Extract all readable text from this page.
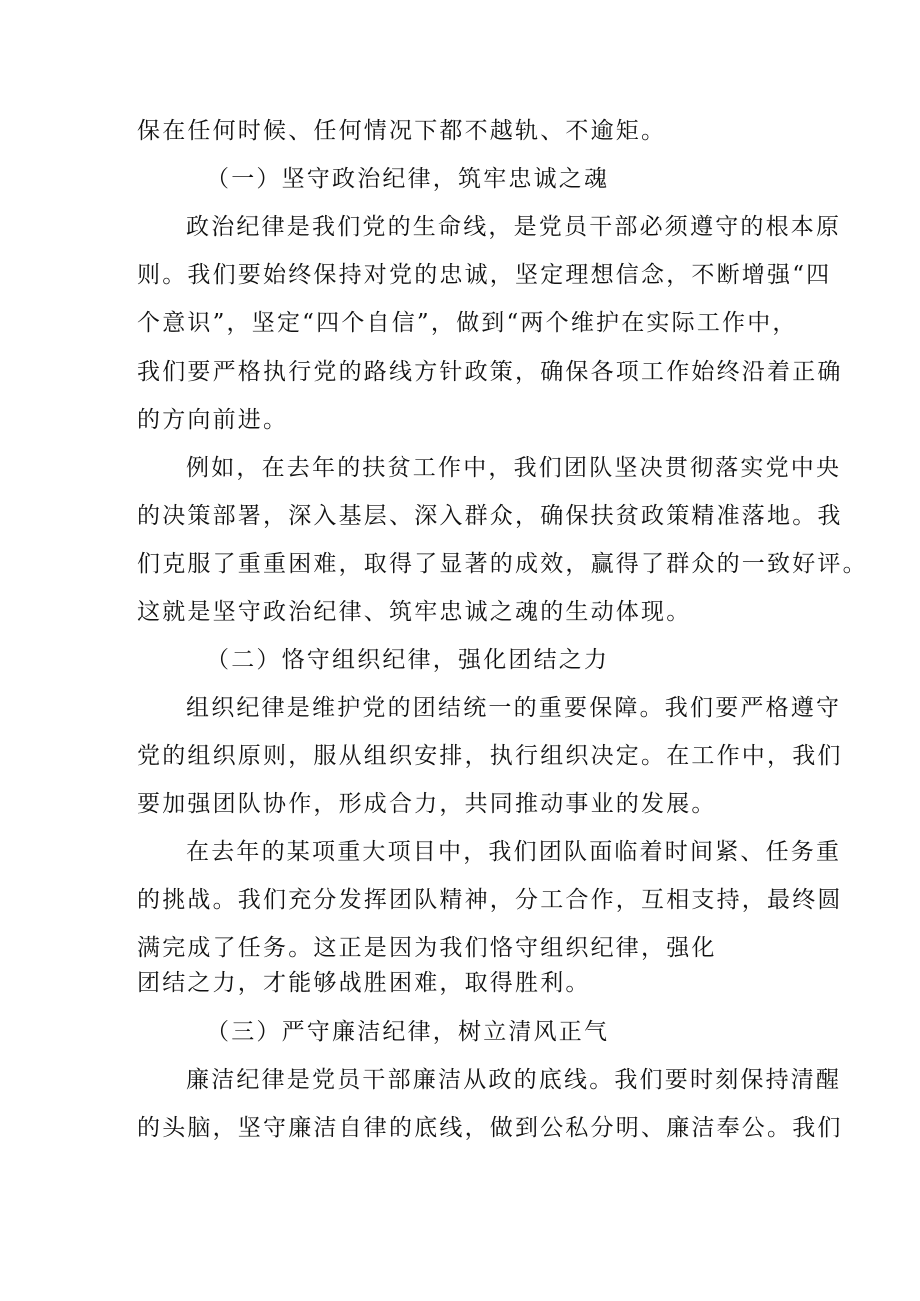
保在任何时候、任何情况下都不越轨、不逾矩。
（一）坚守政治纪律，筑牢忠诚之魂
政治纪律是我们党的生命线，是党员干部必须遵守的根本原
则。我们要始终保持对党的忠诚，坚定理想信念，不断增强“四
个意识”，坚定“四个自信”，做到“两个维护在实际工作中，
我们要严格执行党的路线方针政策，确保各项工作始终沿着正确
的方向前进。
例如，在去年的扶贫工作中，我们团队坚决贯彻落实党中央
的决策部署，深入基层、深入群众，确保扶贫政策精准落地。我
们克服了重重困难，取得了显著的成效，赢得了群众的一致好评。
这就是坚守政治纪律、筑牢忠诚之魂的生动体现。
（二）恪守组织纪律，强化团结之力
组织纪律是维护党的团结统一的重要保障。我们要严格遵守
党的组织原则，服从组织安排，执行组织决定。在工作中，我们
要加强团队协作，形成合力，共同推动事业的发展。
在去年的某项重大项目中，我们团队面临着时间紧、任务重
的挑战。我们充分发挥团队精神，分工合作，互相支持，最终圆
满完成了任务。这正是因为我们恪守组织纪律，强化
团结之力，才能够战胜困难，取得胜利。
（三）严守廉洁纪律，树立清风正气
廉洁纪律是党员干部廉洁从政的底线。我们要时刻保持清醒
的头脑，坚守廉洁自律的底线，做到公私分明、廉洁奉公。我们
